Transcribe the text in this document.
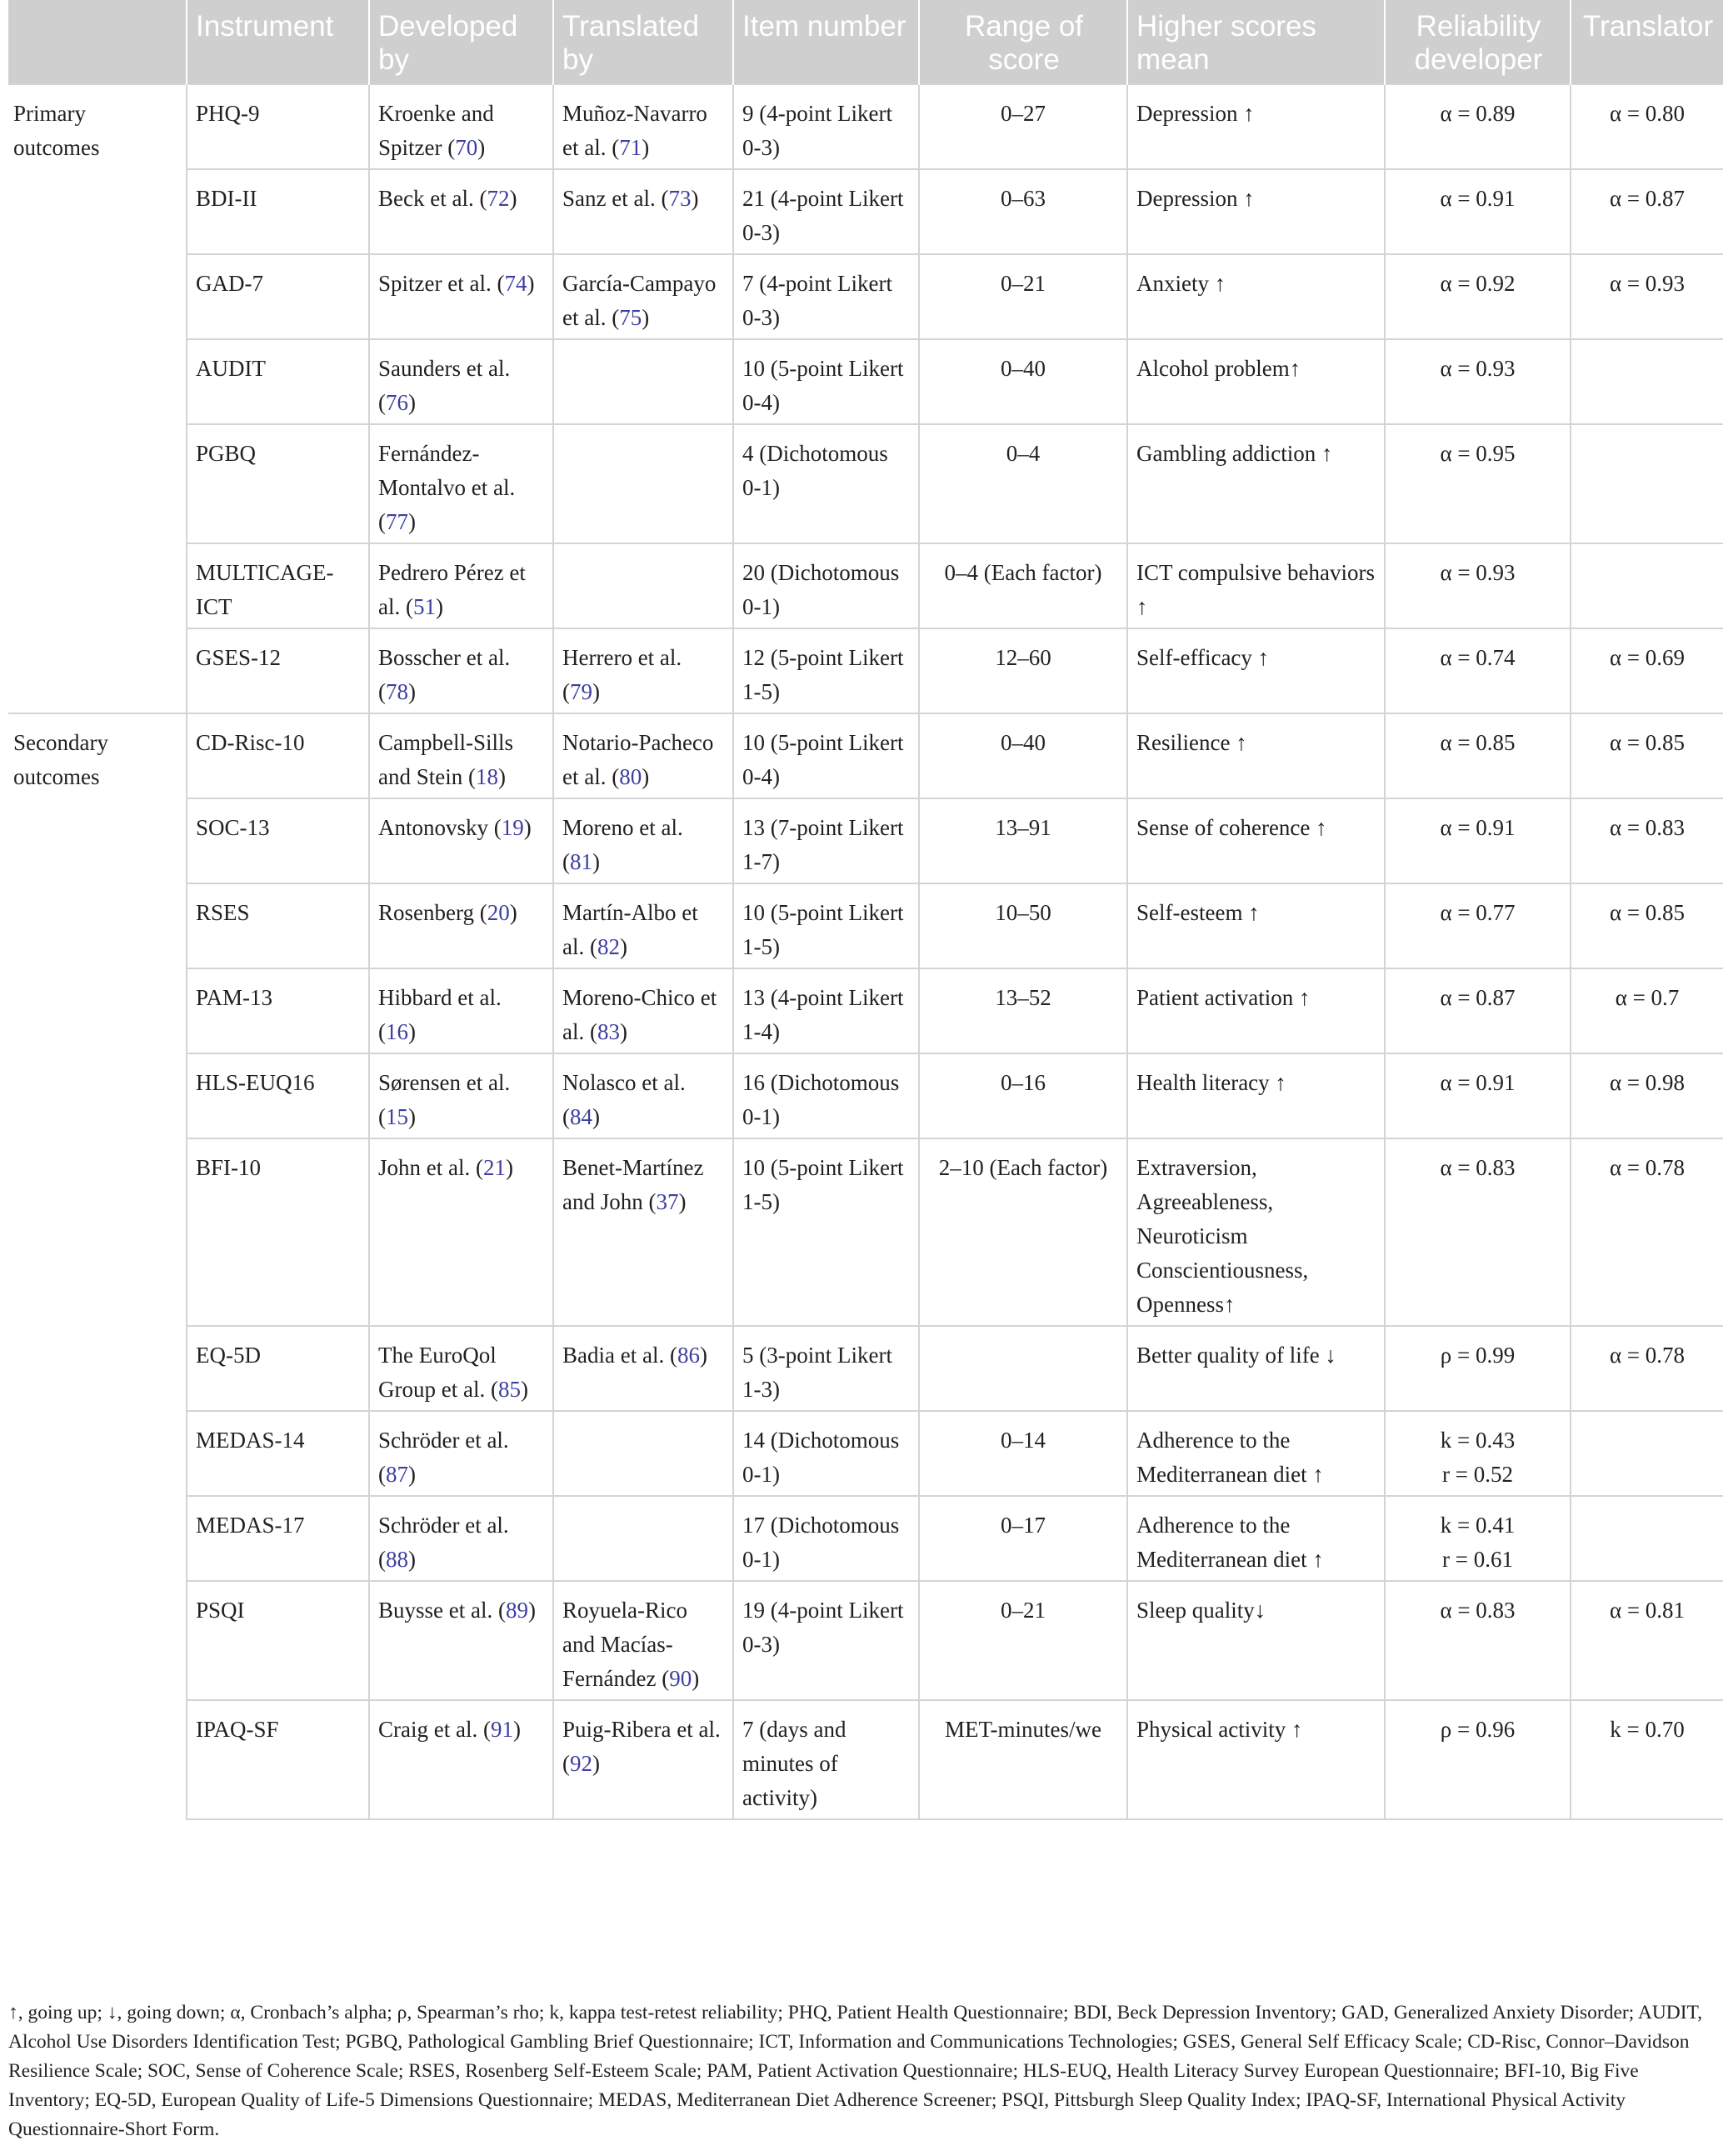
	Instrument	Developed by	Translated by	Item number	Range of score	Higher scores mean	Reliability developer	Translator
Primary outcomes	PHQ-9	Kroenke and Spitzer (70)	Muñoz-Navarro et al. (71)	9 (4-point Likert 0-3)	0–27	Depression ↑	α = 0.89	α = 0.80
	BDI-II	Beck et al. (72)	Sanz et al. (73)	21 (4-point Likert 0-3)	0–63	Depression ↑	α = 0.91	α = 0.87
	GAD-7	Spitzer et al. (74)	García-Campayo et al. (75)	7 (4-point Likert 0-3)	0–21	Anxiety ↑	α = 0.92	α = 0.93
	AUDIT	Saunders et al. (76)		10 (5-point Likert 0-4)	0–40	Alcohol problem↑	α = 0.93	

	PGBQ	Fernández-Montalvo et al. (77)		4 (Dichotomous 0-1)	0–4	Gambling addiction ↑	α = 0.95	

	MULTICAGE-ICT	Pedrero Pérez et al. (51)		20 (Dichotomous 0-1)	0–4 (Each factor)	ICT compulsive behaviors ↑	α = 0.93	

	GSES-12	Bosscher et al. (78)	Herrero et al. (79)	12 (5-point Likert 1-5)	12–60	Self-efficacy ↑	α = 0.74	α = 0.69
Secondary outcomes	CD-Risc-10	Campbell-Sills and Stein (18)	Notario-Pacheco et al. (80)	10 (5-point Likert 0-4)	0–40	Resilience ↑	α = 0.85	α = 0.85
	SOC-13	Antonovsky (19)	Moreno et al. (81)	13 (7-point Likert 1-7)	13–91	Sense of coherence ↑	α = 0.91	α = 0.83
	RSES	Rosenberg (20)	Martín-Albo et al. (82)	10 (5-point Likert 1-5)	10–50	Self-esteem ↑	α = 0.77	α = 0.85
	PAM-13	Hibbard et al. (16)	Moreno-Chico et al. (83)	13 (4-point Likert 1-4)	13–52	Patient activation ↑	α = 0.87	α = 0.7
	HLS-EUQ16	Sørensen et al. (15)	Nolasco et al. (84)	16 (Dichotomous 0-1)	0–16	Health literacy ↑	α = 0.91	α = 0.98
	BFI-10	John et al. (21)	Benet-Martínez and John (37)	10 (5-point Likert 1-5)	2–10 (Each factor)	Extraversion, Agreeableness, Neuroticism Conscientiousness, Openness↑	α = 0.83	α = 0.78
	EQ-5D	The EuroQol Group et al. (85)	Badia et al. (86)	5 (3-point Likert 1-3)		Better quality of life ↓	ρ = 0.99	α = 0.78
	MEDAS-14	Schröder et al. (87)		14 (Dichotomous 0-1)	0–14	Adherence to the Mediterranean diet ↑	k = 0.43
r = 0.52	

	MEDAS-17	Schröder et al. (88)		17 (Dichotomous 0-1)	0–17	Adherence to the Mediterranean diet ↑	k = 0.41
r = 0.61	

	PSQI	Buysse et al. (89)	Royuela-Rico and Macías-Fernández (90)	19 (4-point Likert 0-3)	0–21	Sleep quality↓	α = 0.83	α = 0.81
	IPAQ-SF	Craig et al. (91)	Puig-Ribera et al. (92)	7 (days and minutes of activity)	MET-minutes/we	Physical activity ↑	ρ = 0.96	k = 0.70

↑, going up; ↓, going down; α, Cronbach’s alpha; ρ, Spearman’s rho; k, kappa test-retest reliability; PHQ, Patient Health Questionnaire; BDI, Beck Depression Inventory; GAD, Generalized Anxiety Disorder; AUDIT, Alcohol Use Disorders Identification Test; PGBQ, Pathological Gambling Brief Questionnaire; ICT, Information and Communications Technologies; GSES, General Self Efficacy Scale; CD-Risc, Connor–Davidson Resilience Scale; SOC, Sense of Coherence Scale; RSES, Rosenberg Self-Esteem Scale; PAM, Patient Activation Questionnaire; HLS-EUQ, Health Literacy Survey European Questionnaire; BFI-10, Big Five Inventory; EQ-5D, European Quality of Life-5 Dimensions Questionnaire; MEDAS, Mediterranean Diet Adherence Screener; PSQI, Pittsburgh Sleep Quality Index; IPAQ-SF, International Physical Activity Questionnaire-Short Form.
